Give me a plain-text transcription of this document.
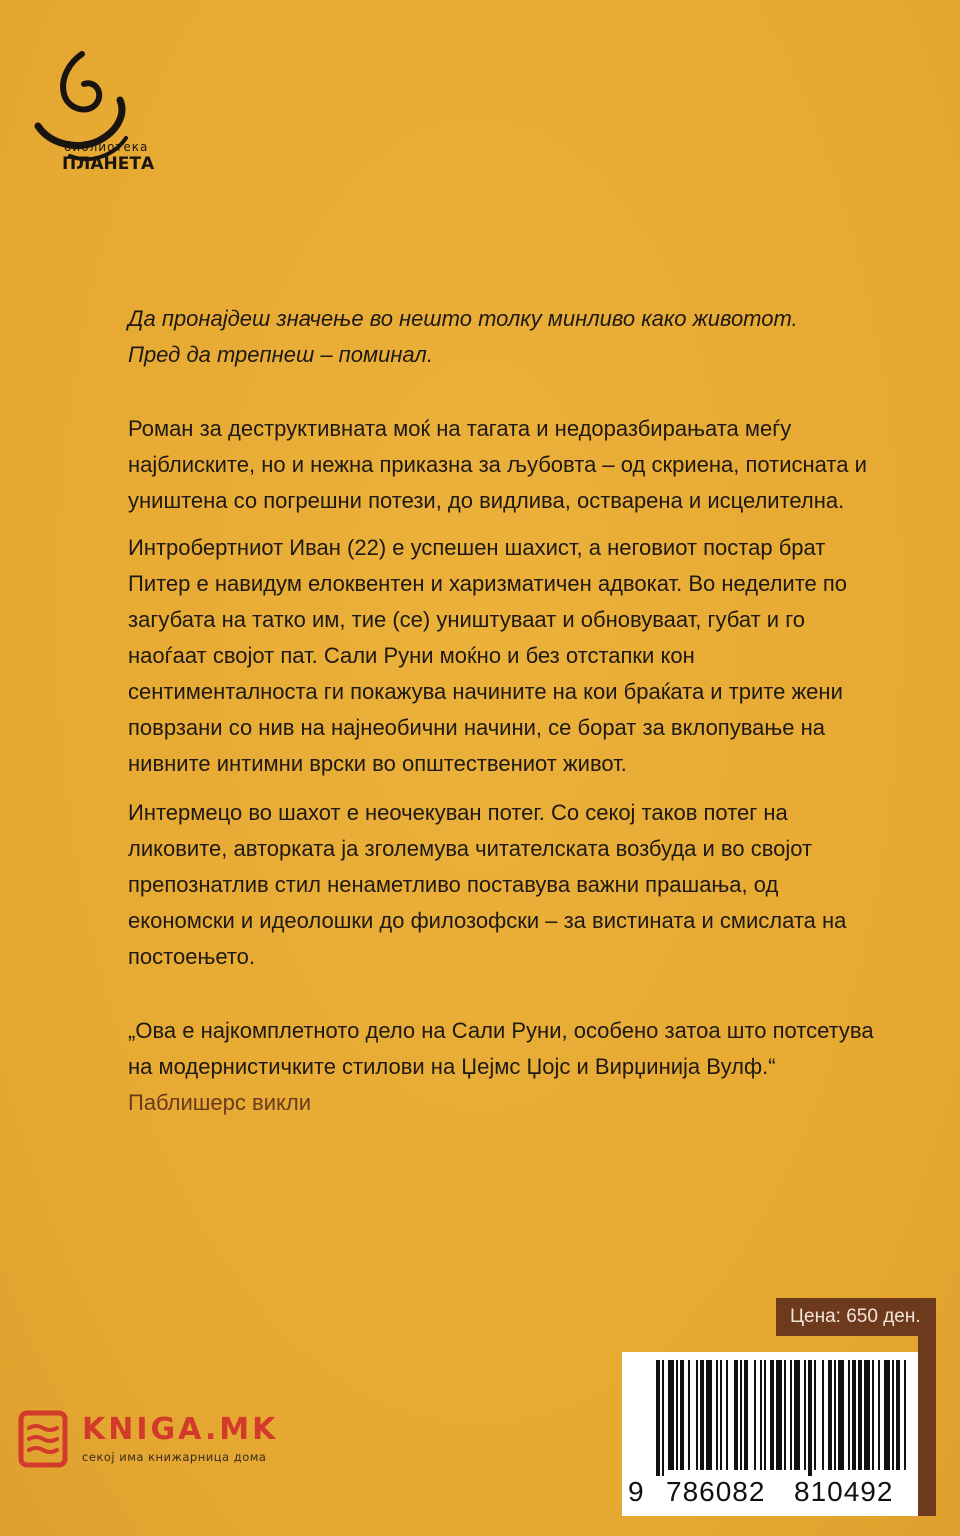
библиотека
ПЛАНЕТА

Да пронајдеш значење во нешто толку минливо како животот.

Пред да трепнеш – поминал.

Роман за деструктивната моќ на тагата и недоразбирањата меѓу најблиските, но и нежна приказна за љубовта – од скриена, потисната и уништена со погрешни потези, до видлива, остварена и исцелителна.

Интробертниот Иван (22) е успешен шахист, а неговиот постар брат Питер е навидум елоквентен и харизматичен адвокат. Во неделите по загубата на татко им, тие (се) уништуваат и обновуваат, губат и го наоѓаат својот пат. Сали Руни моќно и без отстапки кон сентименталноста ги покажува начините на кои браќата и трите жени поврзани со нив на најнеобични начини, се борат за вклопување на нивните интимни врски во општествениот живот.

Интермецо во шахот е неочекуван потег. Со секој таков потег на ликовите, авторката ја зголемува читателската возбуда и во својот препознатлив стил ненаметливо поставува важни прашања, од економски и идеолошки до филозофски – за вистината и смислата на постоењето.

„Ова е најкомплетното дело на Сали Руни, особено затоа што потсетува на модернистичките стилови на Џејмс Џојс и Вирџинија Вулф.“

Паблишерс викли

Цена: 650 ден.
9 786082 810492
KNIGA.MK
секој има книжарница дома
